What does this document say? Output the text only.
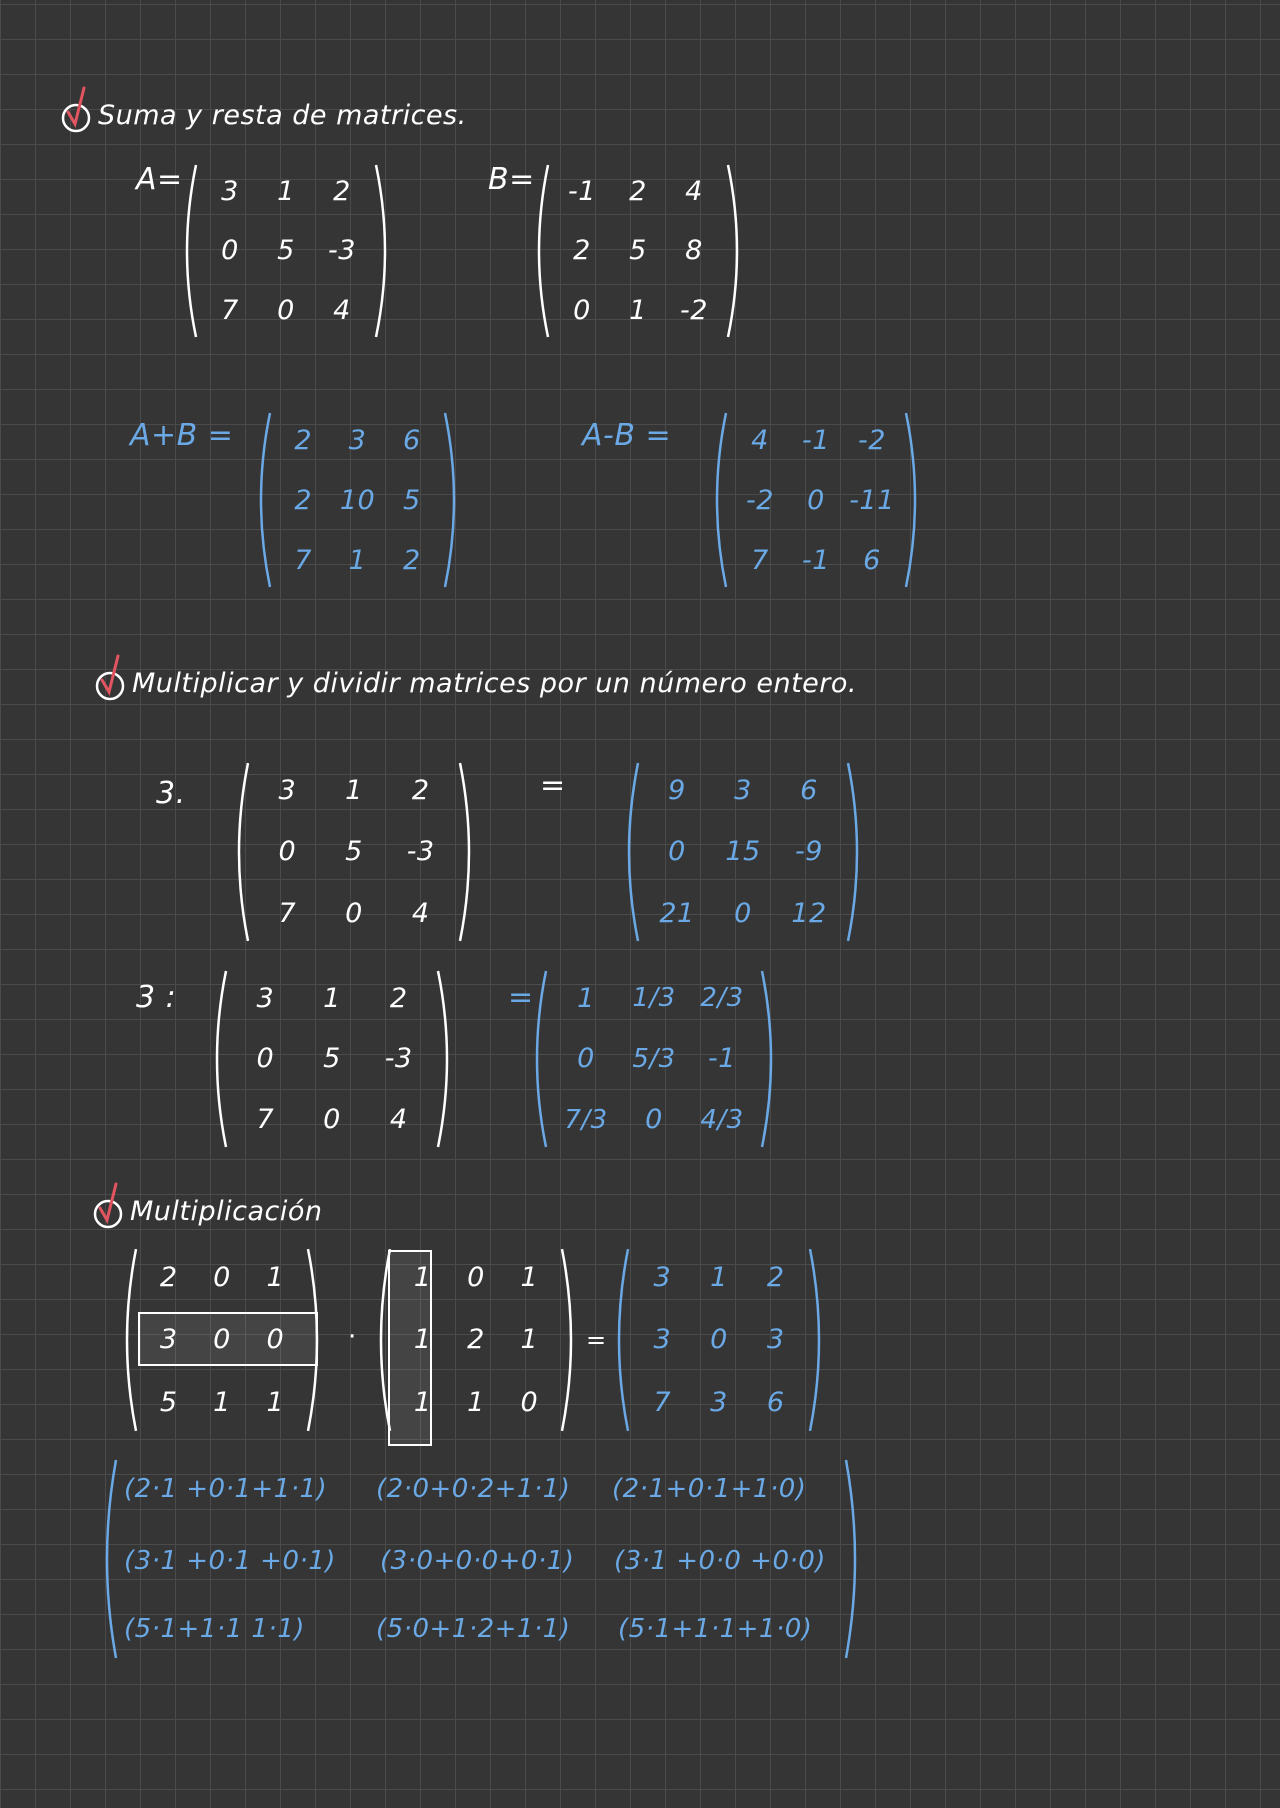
Suma y resta de matrices.
A= 3 1 2
0 5 -3
7 0 4
B= -1 2 4
2 5 8
0 1 -2
A+B = 2 3 6
2 10 5
7 1 2
A-B =	4 -1 -2
-2 0 -11
7 -1 6
Multiplicar y dividir matrices por un número entero.
3.	3 1 2
0 5 -3
7 0 4
=	9 3 6
0 15 -9
21 0 12
3 :	3 1 2
0 5 -3
7 0 4
= 1 1/3 2/3
0 5/3 -1
7/3 0 4/3
Multiplicación
2 0 1
3 0 0
5 1 1
·
1 0 1
1 2 1
1 1 0
=
3 1 2
3 0 3
7 3 6
(2·1 +0·1+1·1) (2·0+0·2+1·1) (2·1+0·1+1·0)
(3·1 +0·1 +0·1) (3·0+0·0+0·1) (3·1 +0·0 +0·0)
(5·1+1·1 1·1)	(5·0+1·2+1·1) (5·1+1·1+1·0)
